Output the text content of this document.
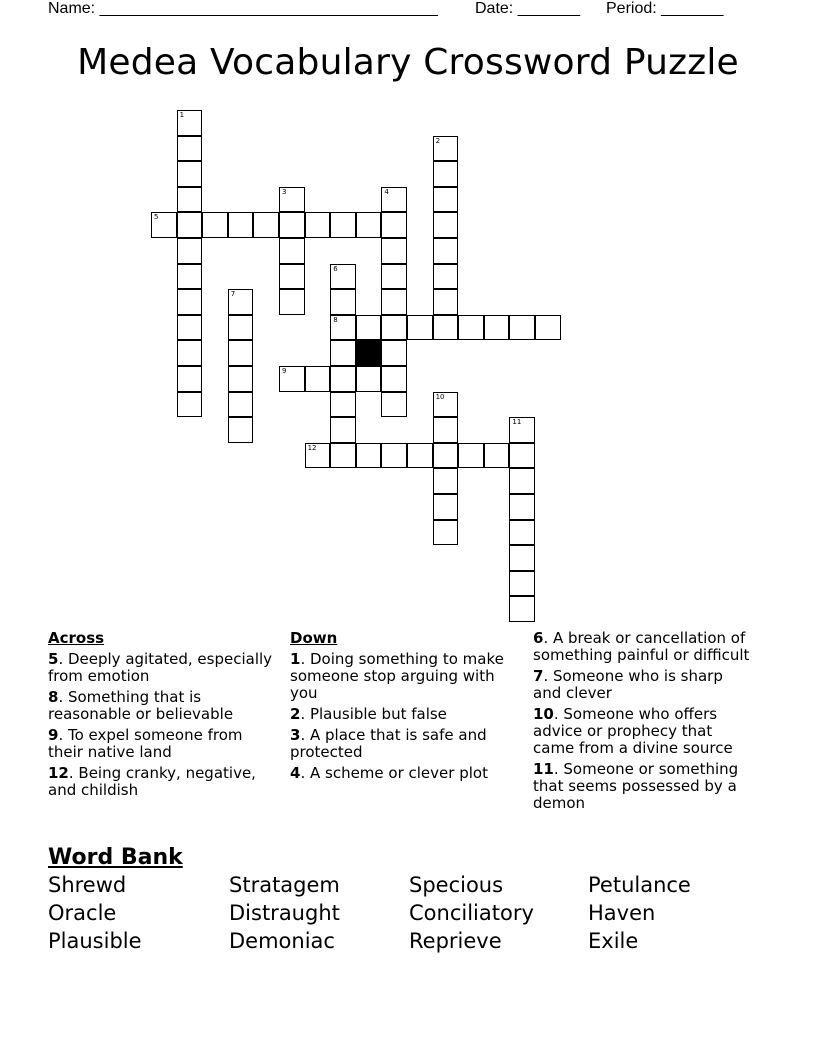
Name: ______________________________________ Date: _______ Period: _______
Medea Vocabulary Crossword Puzzle
1
2
3	4
5
6
8
7
9
10
11
12
Across
5. Deeply agitated, especially from emotion
8. Something that is reasonable or believable
9. To expel someone from their native land
12. Being cranky, negative, and childish
Down
1. Doing something to make someone stop arguing with you
2. Plausible but false
3. A place that is safe and protected
4. A scheme or clever plot
6. A break or cancellation of something painful or difficult
7. Someone who is sharp and clever
10. Someone who offers advice or prophecy that came from a divine source
11. Someone or something that seems possessed by a demon
Word Bank
Shrewd	Stratagem	Specious	Petulance
Oracle	Distraught	Conciliatory	Haven
Plausible	Demoniac	Reprieve	Exile
